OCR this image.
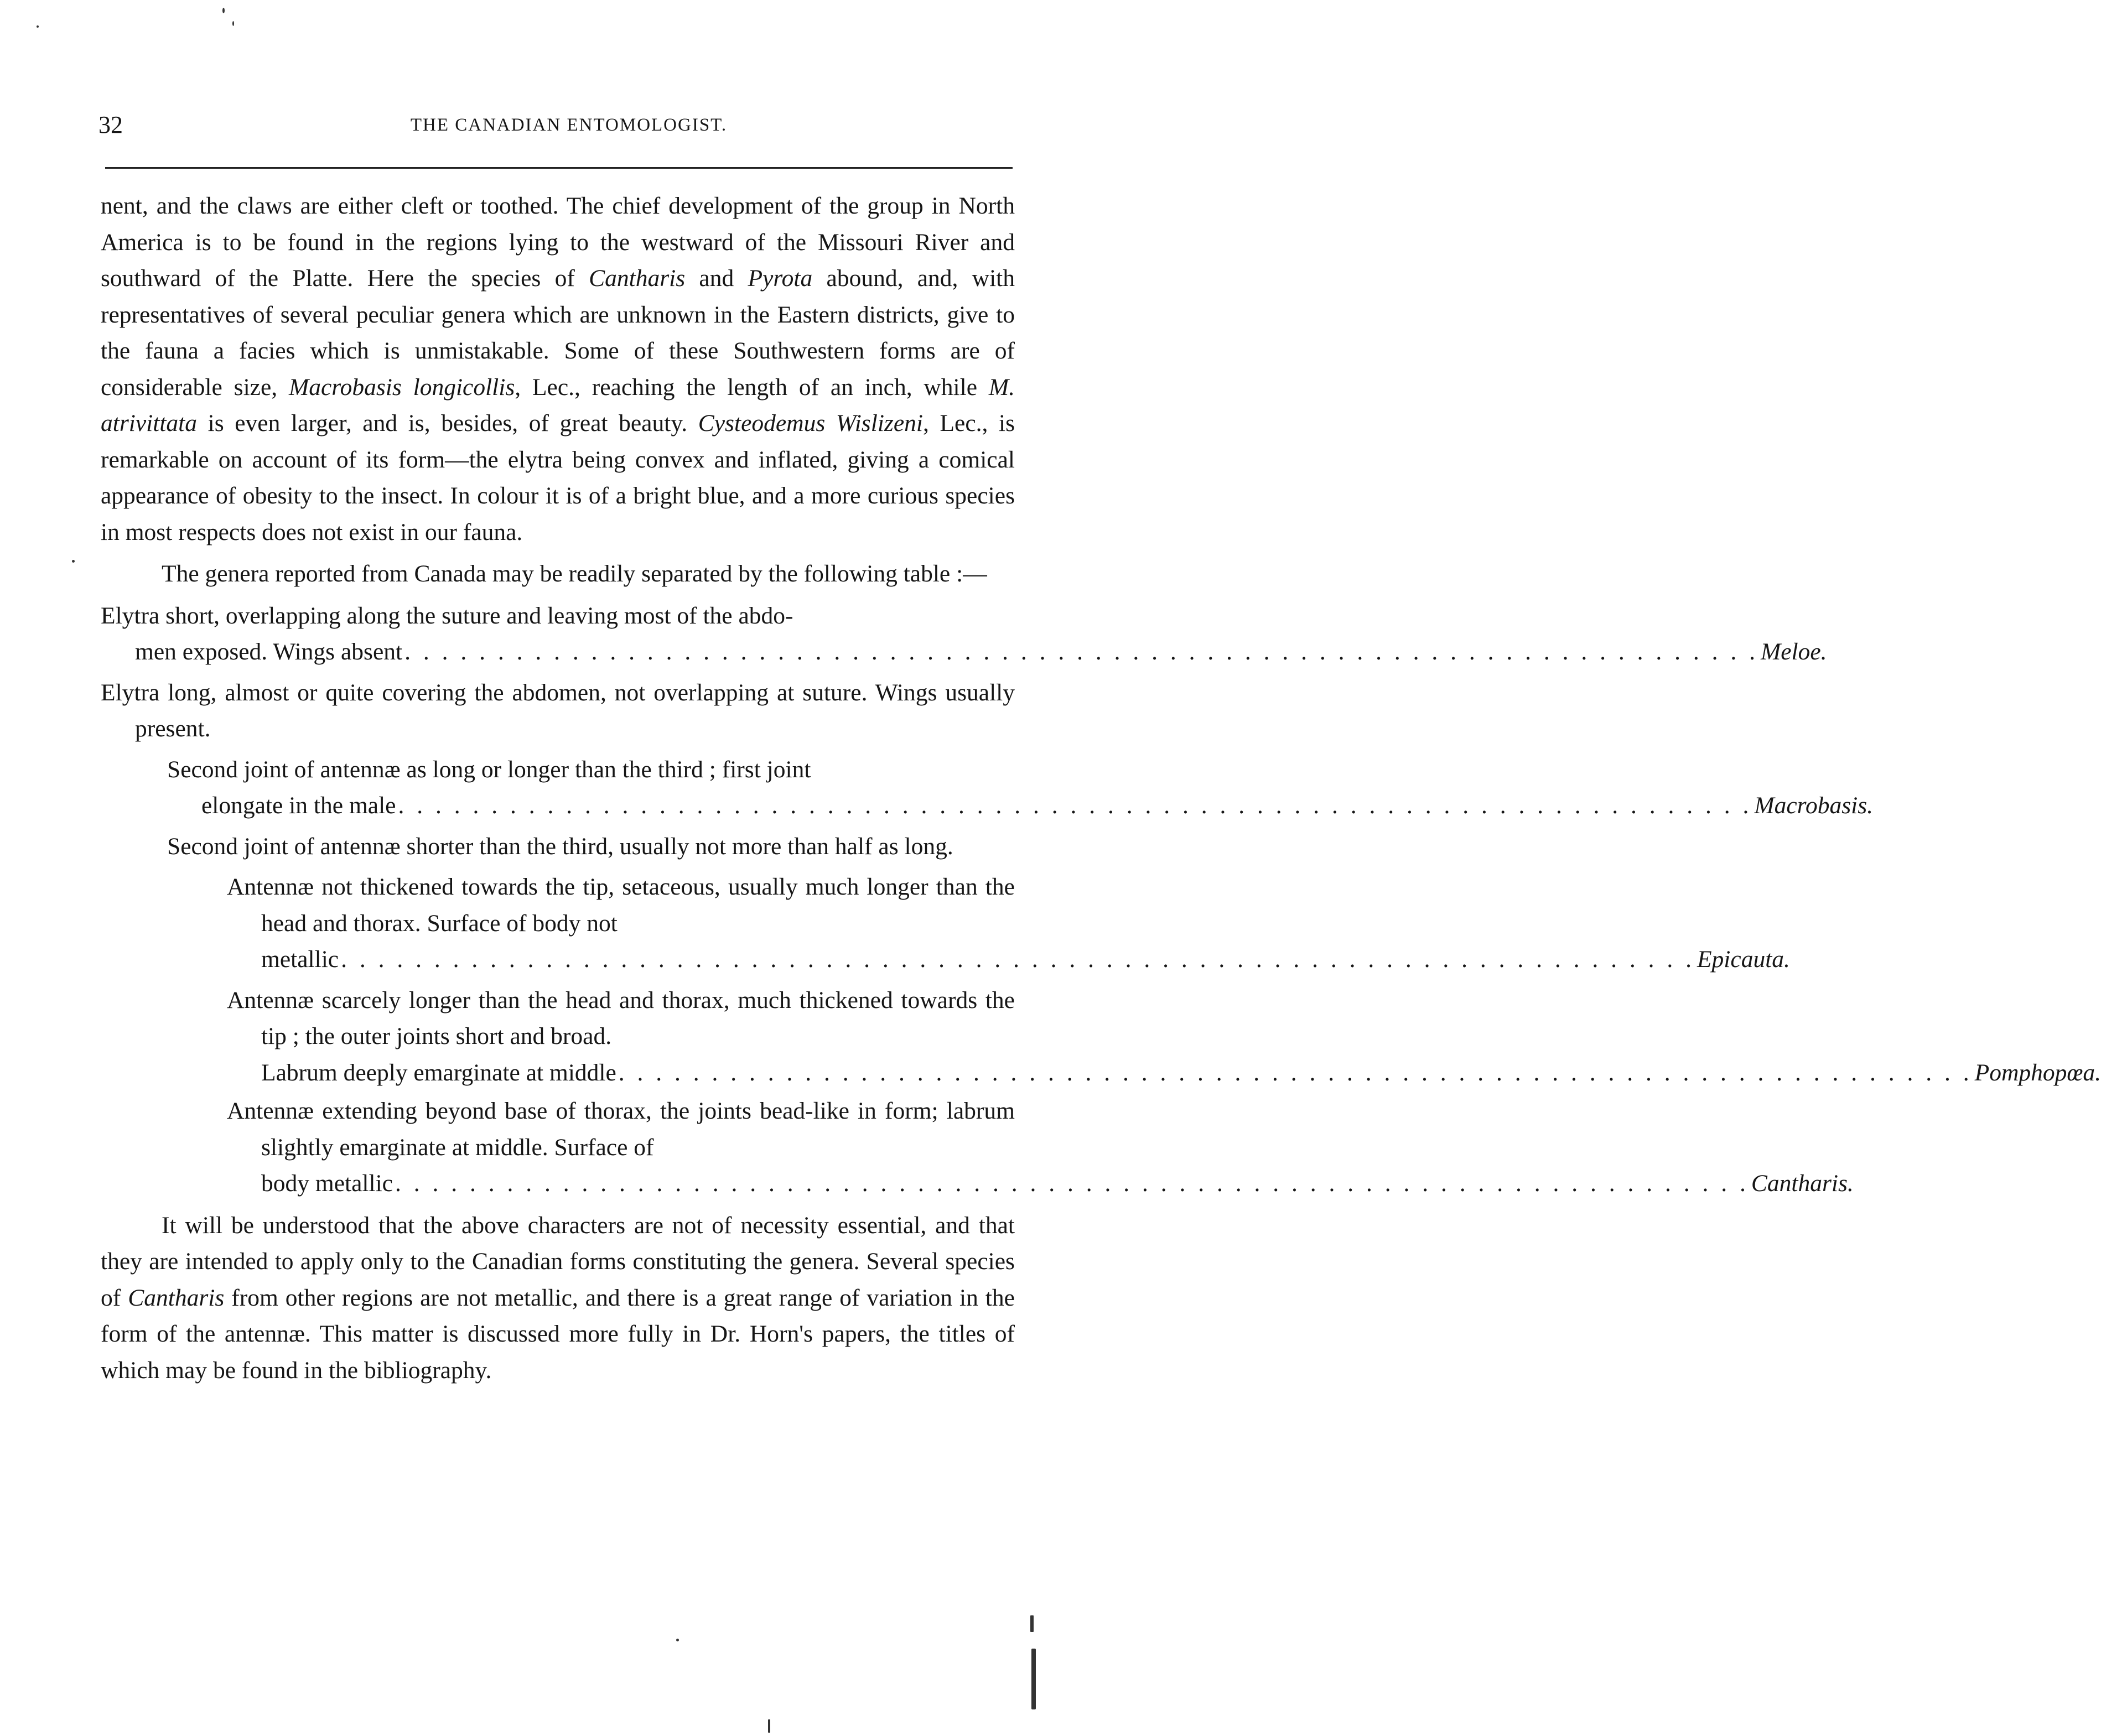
32	THE CANADIAN ENTOMOLOGIST.

nent, and the claws are either cleft or toothed. The chief development of the group in North America is to be found in the regions lying to the westward of the Missouri River and southward of the Platte. Here the species of Cantharis and Pyrota abound, and, with representatives of several peculiar genera which are unknown in the Eastern districts, give to the fauna a facies which is unmistakable. Some of these Southwestern forms are of considerable size, Macrobasis longicollis, Lec., reaching the length of an inch, while M. atrivittata is even larger, and is, besides, of great beauty. Cysteodemus Wislizeni, Lec., is remarkable on account of its form—the elytra being convex and inflated, giving a comical appearance of obesity to the insect. In colour it is of a bright blue, and a more curious species in most respects does not exist in our fauna.

The genera reported from Canada may be readily separated by the following table :—

Elytra short, overlapping along the suture and leaving most of the abdo-
men exposed. Wings absent . . . . . . . . . . . . . . . . . . . . . . . . . . . . . . . . . . . . . . . . . . . . . . . . . . . . . . . . . . . . . . . . . . . . . . . . . Meloe.
Elytra long, almost or quite covering the abdomen, not overlapping at suture. Wings usually present.
Second joint of antennæ as long or longer than the third ; first joint
elongate in the male . . . . . . . . . . . . . . . . . . . . . . . . . . . . . . . . . . . . . . . . . . . . . . . . . . . . . . . . . . . . . . . . . . . . . . . . . Macrobasis.
Second joint of antennæ shorter than the third, usually not more than half as long.
Antennæ not thickened towards the tip, setaceous, usually much longer than the head and thorax. Surface of body not
metallic . . . . . . . . . . . . . . . . . . . . . . . . . . . . . . . . . . . . . . . . . . . . . . . . . . . . . . . . . . . . . . . . . . . . . . . . . Epicauta.
Antennæ scarcely longer than the head and thorax, much thickened towards the tip ; the outer joints short and broad.
Labrum deeply emarginate at middle . . . . . . . . . . . . . . . . . . . . . . . . . . . . . . . . . . . . . . . . . . . . . . . . . . . . . . . . . . . . . . . . . . . . . . . . . Pomphopœa.
Antennæ extending beyond base of thorax, the joints bead-like in form; labrum slightly emarginate at middle. Surface of
body metallic . . . . . . . . . . . . . . . . . . . . . . . . . . . . . . . . . . . . . . . . . . . . . . . . . . . . . . . . . . . . . . . . . . . . . . . . . Cantharis.

It will be understood that the above characters are not of necessity essential, and that they are intended to apply only to the Canadian forms constituting the genera. Several species of Cantharis from other regions are not metallic, and there is a great range of variation in the form of the antennæ. This matter is discussed more fully in Dr. Horn's papers, the titles of which may be found in the bibliography.
